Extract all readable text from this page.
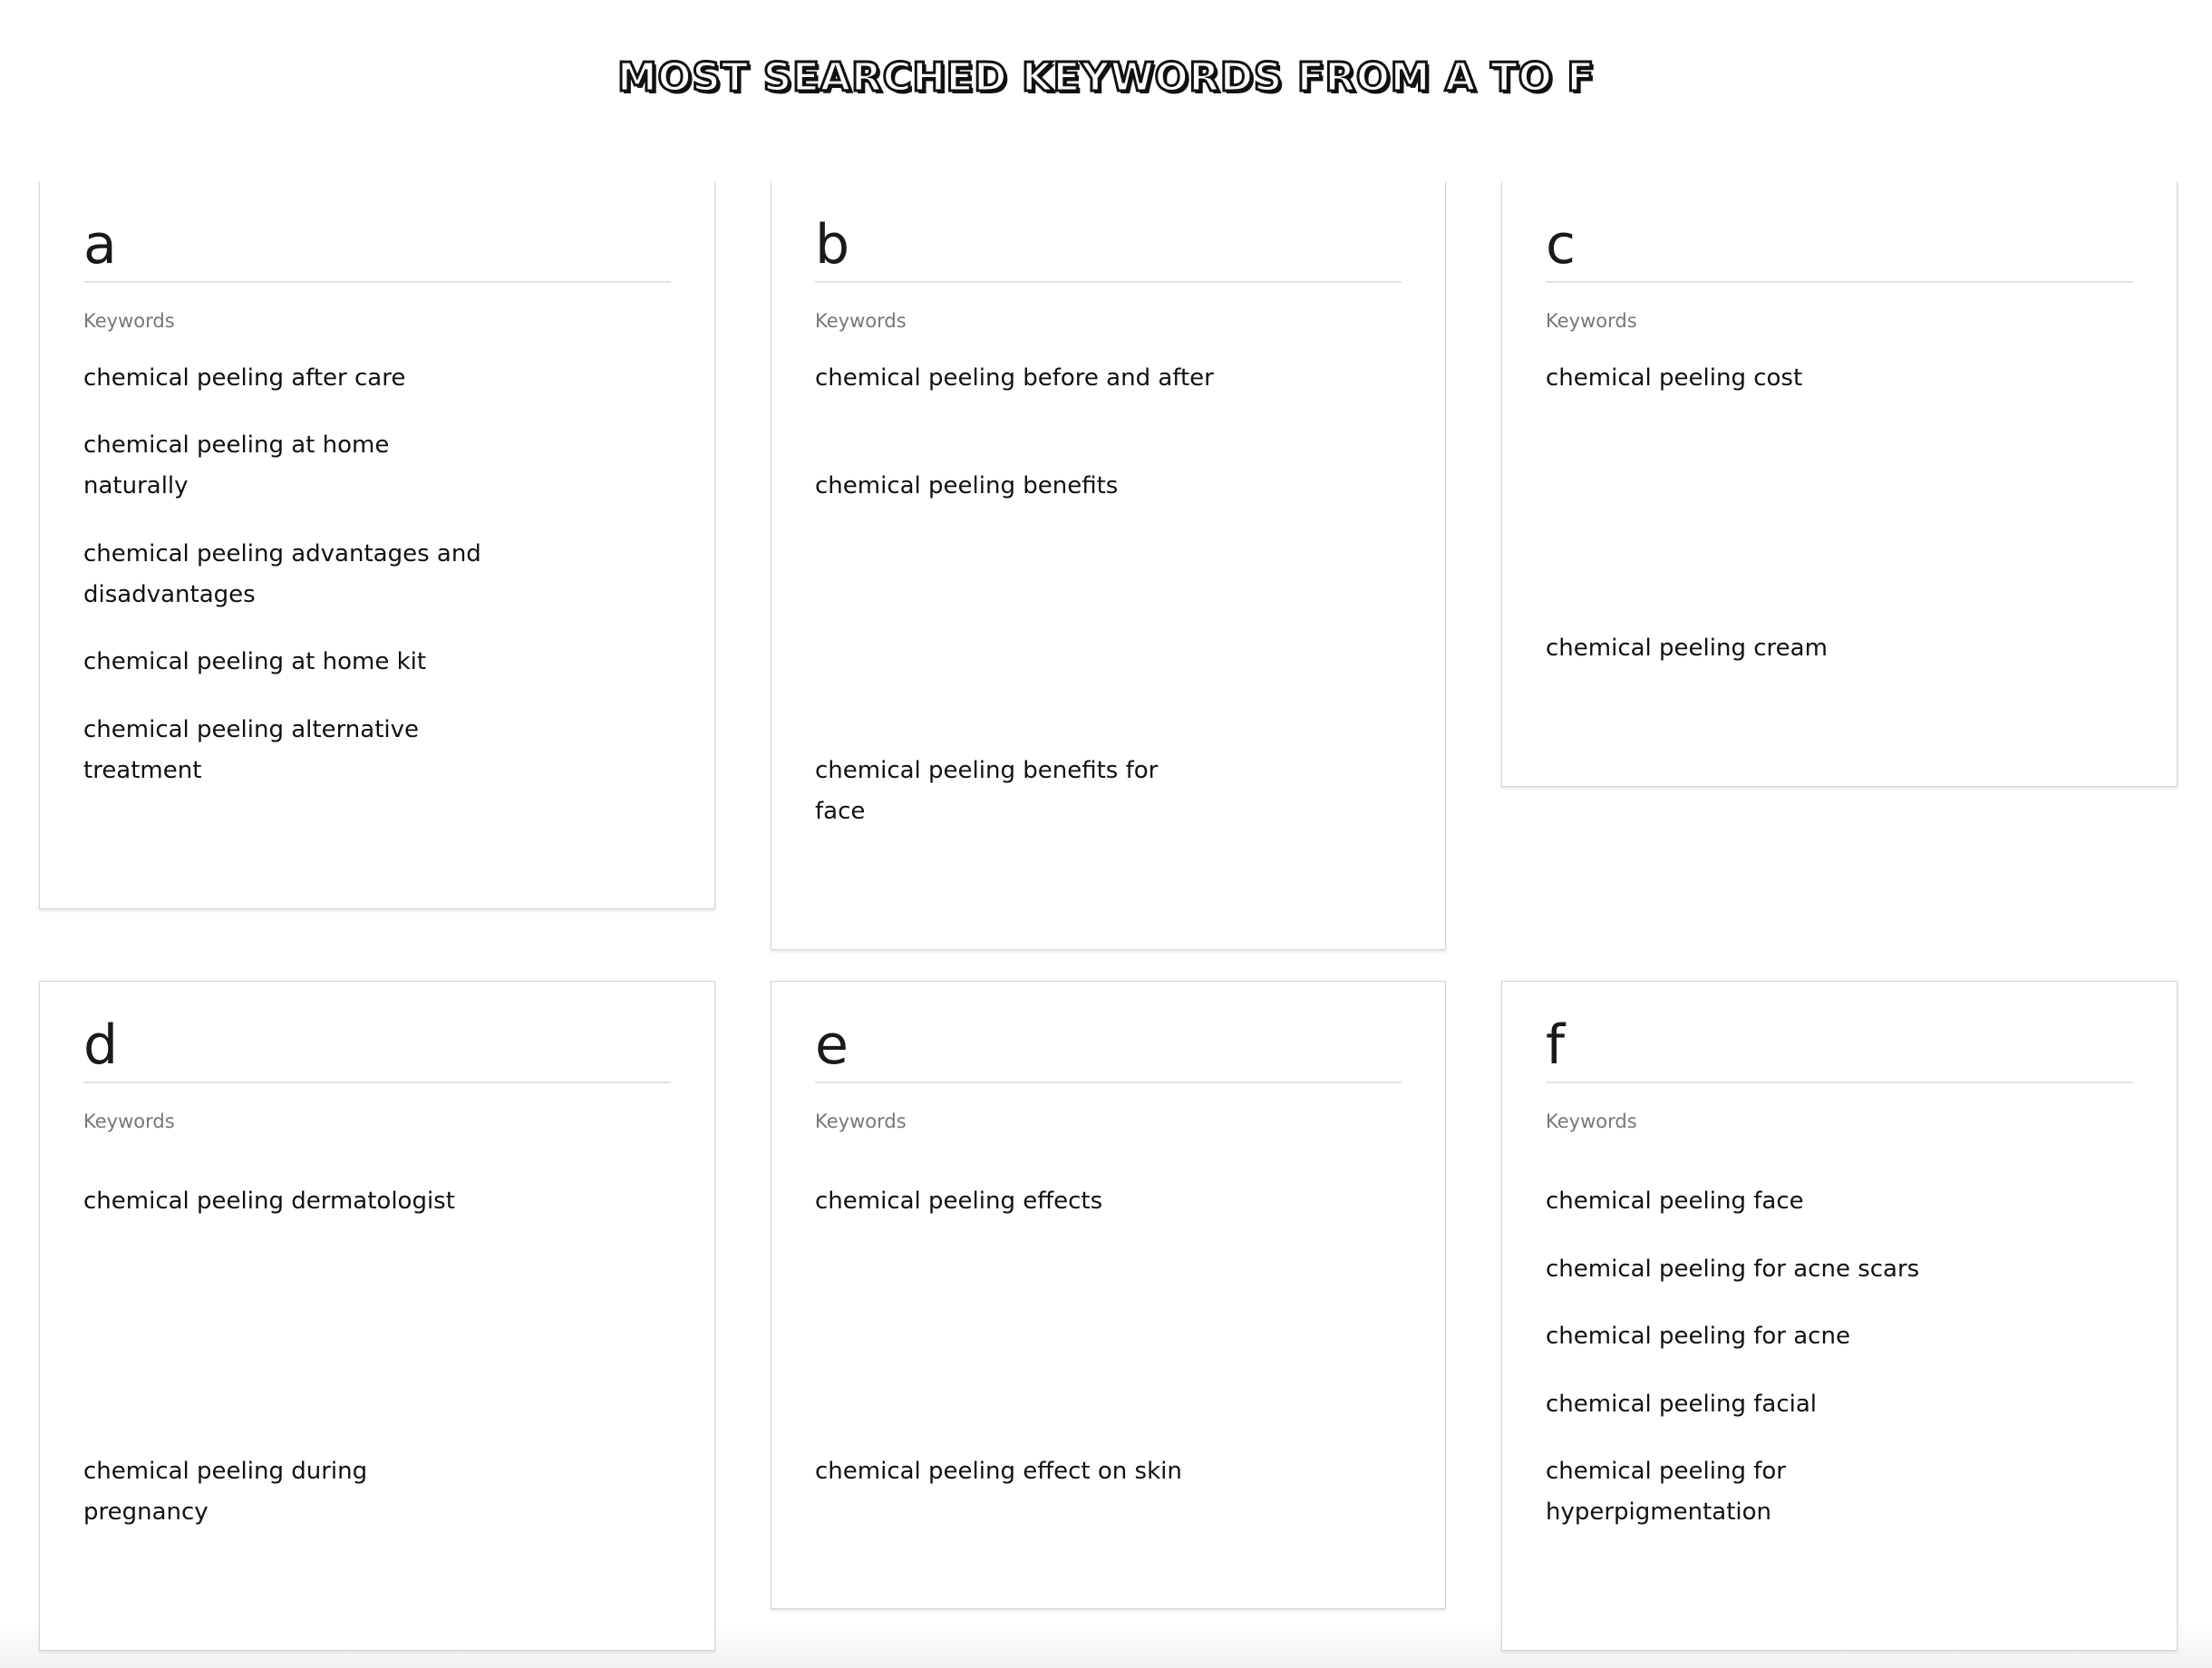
MOST SEARCHED KEYWORDS FROM A TO F
a
Keywords
chemical peeling after care
chemical peeling at home naturally
chemical peeling advantages and disadvantages
chemical peeling at home kit
chemical peeling alternative treatment
b
Keywords
chemical peeling before and after
chemical peeling benefits
chemical peeling benefits for face
c
Keywords
chemical peeling cost
chemical peeling cream
d
Keywords
chemical peeling dermatologist
chemical peeling during pregnancy
e
Keywords
chemical peeling effects
chemical peeling effect on skin
f
Keywords
chemical peeling face
chemical peeling for acne scars
chemical peeling for acne
chemical peeling facial
chemical peeling for hyperpigmentation
